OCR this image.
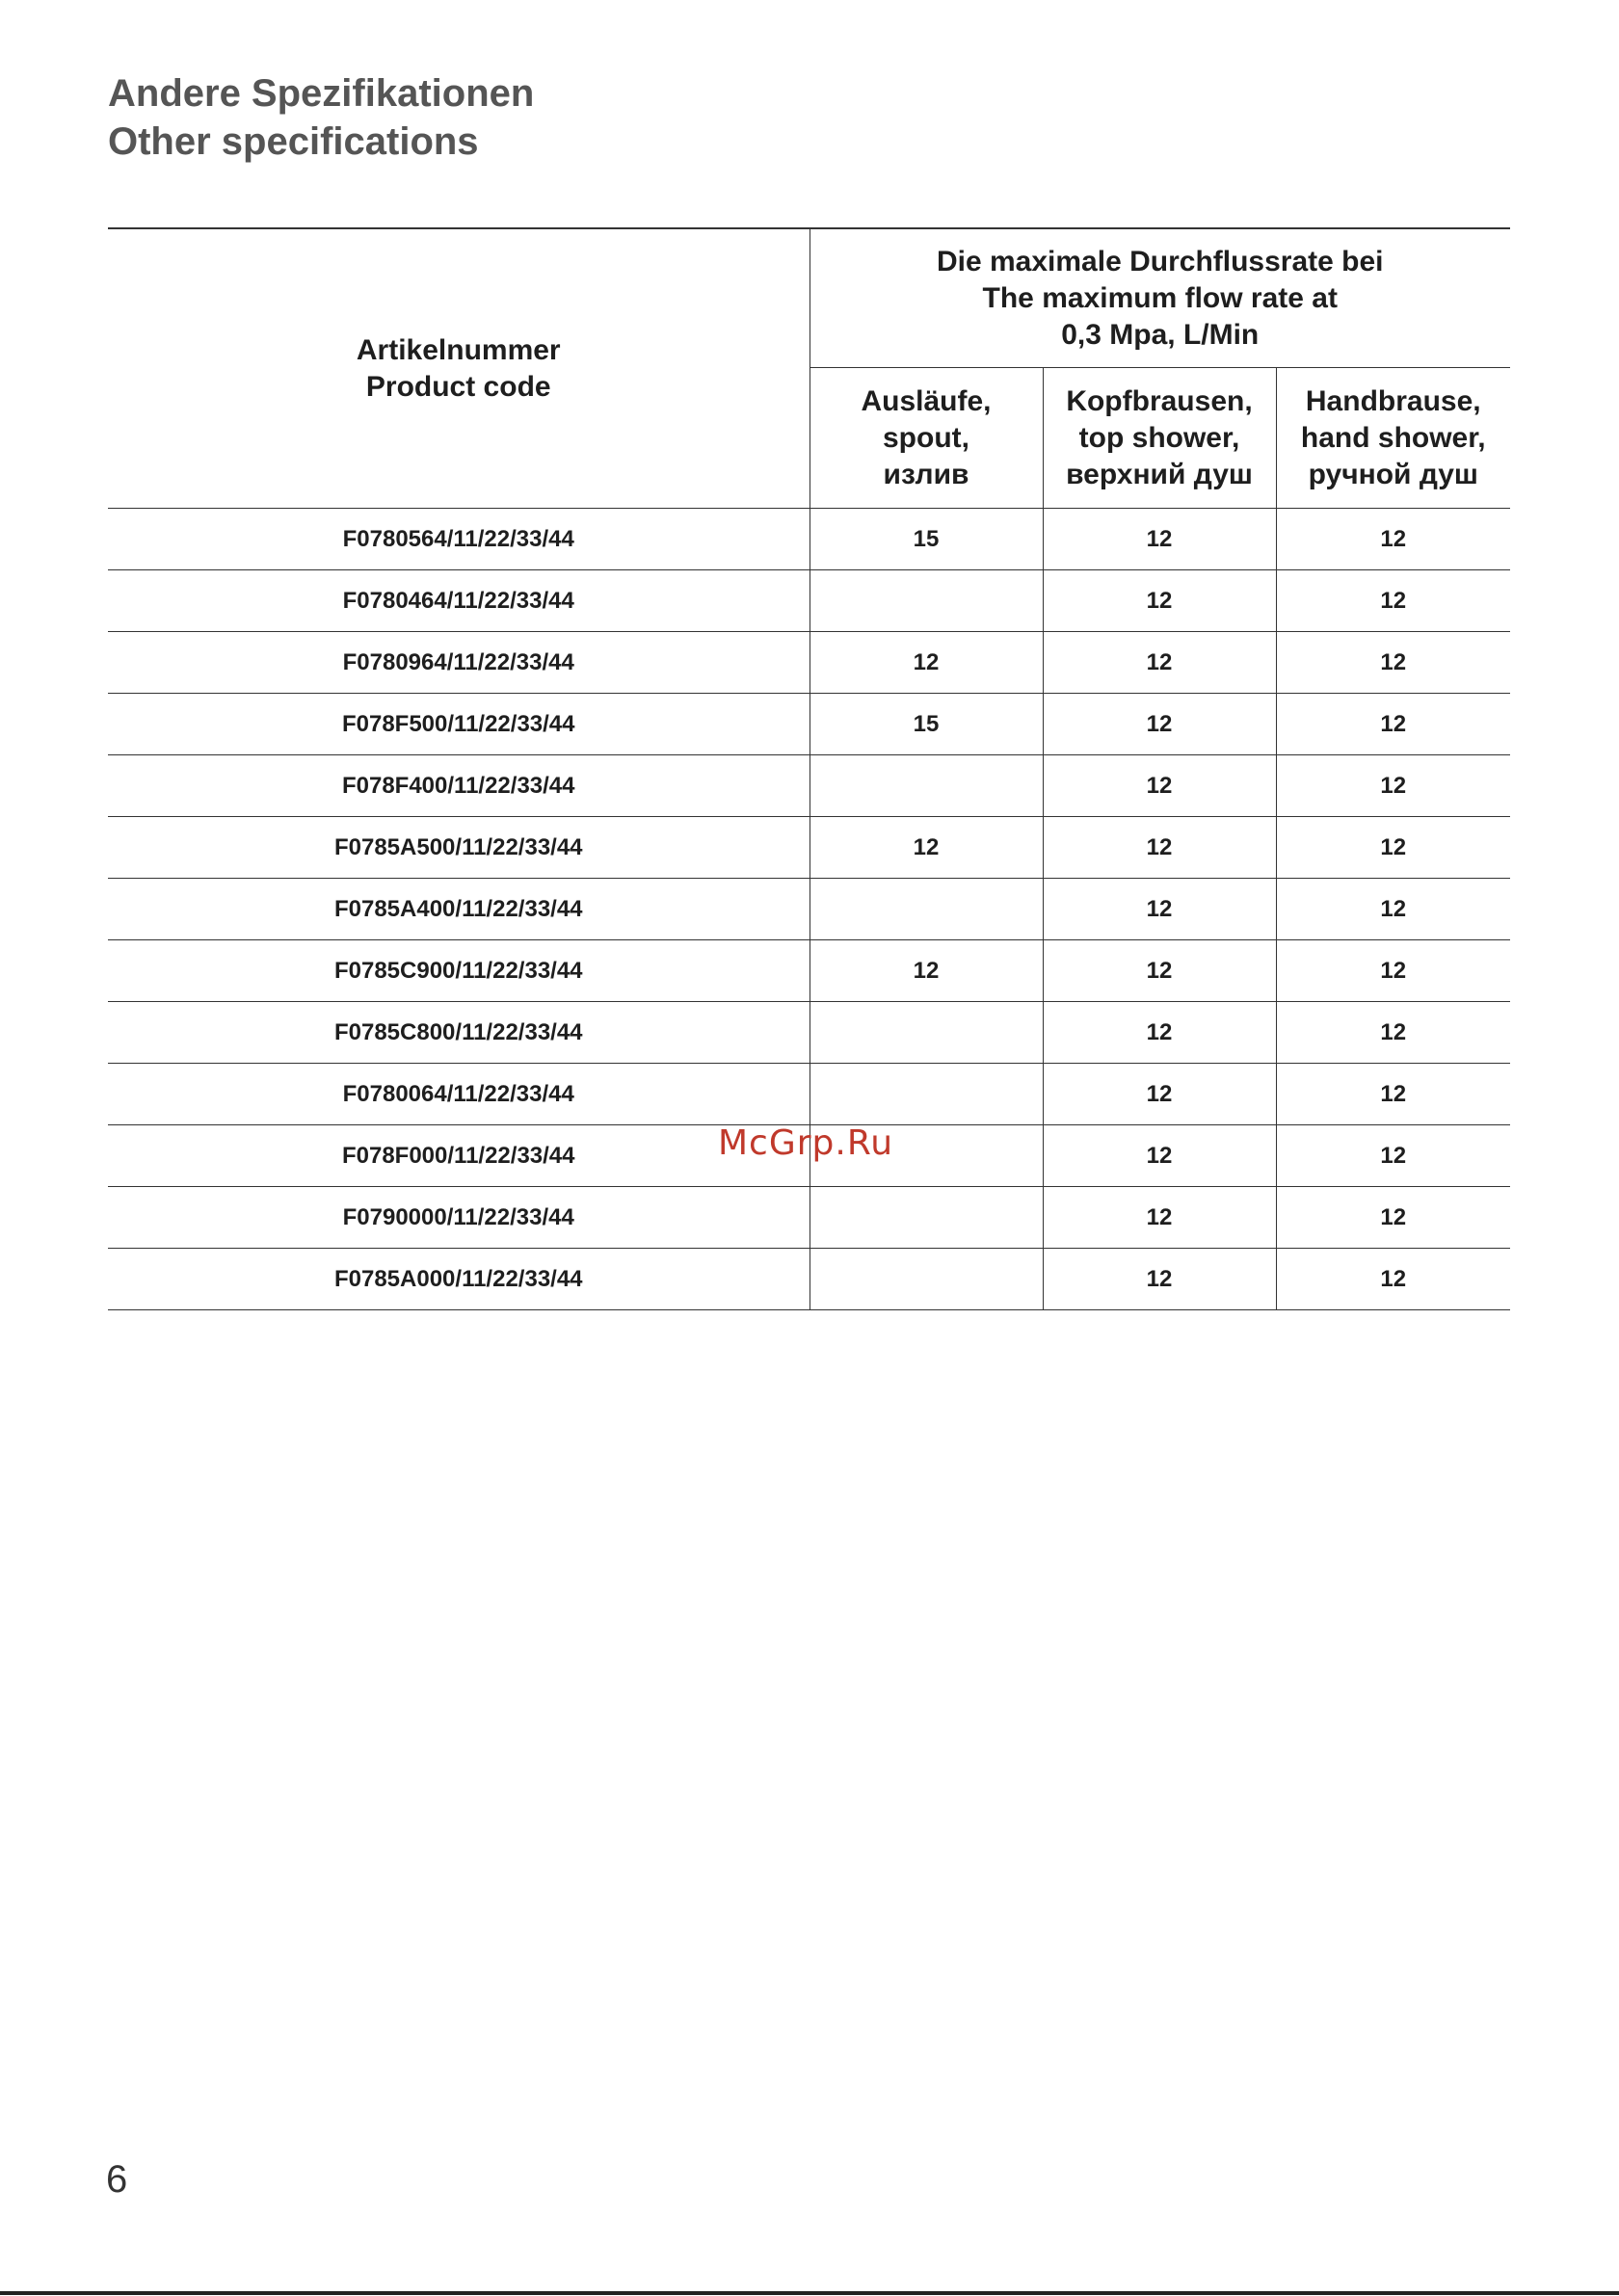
Andere Spezifikationen
Other specifications
Artikelnummer
Product code	Die maximale Durchflussrate bei
The maximum flow rate at
0,3 Mpa, L/Min		

	Ausläufe,
spout,
излив	Kopfbrausen,
top shower,
верхний душ	Handbrause,
hand shower,
ручной душ

F0780564/11/22/33/44	15	12	12
F0780464/11/22/33/44		12	12
F0780964/11/22/33/44	12	12	12
F078F500/11/22/33/44	15	12	12
F078F400/11/22/33/44		12	12
F0785A500/11/22/33/44	12	12	12
F0785A400/11/22/33/44		12	12
F0785C900/11/22/33/44	12	12	12
F0785C800/11/22/33/44		12	12
F0780064/11/22/33/44		12	12
F078F000/11/22/33/44		12	12
F0790000/11/22/33/44		12	12
F0785A000/11/22/33/44		12	12
McGrp.Ru
6
